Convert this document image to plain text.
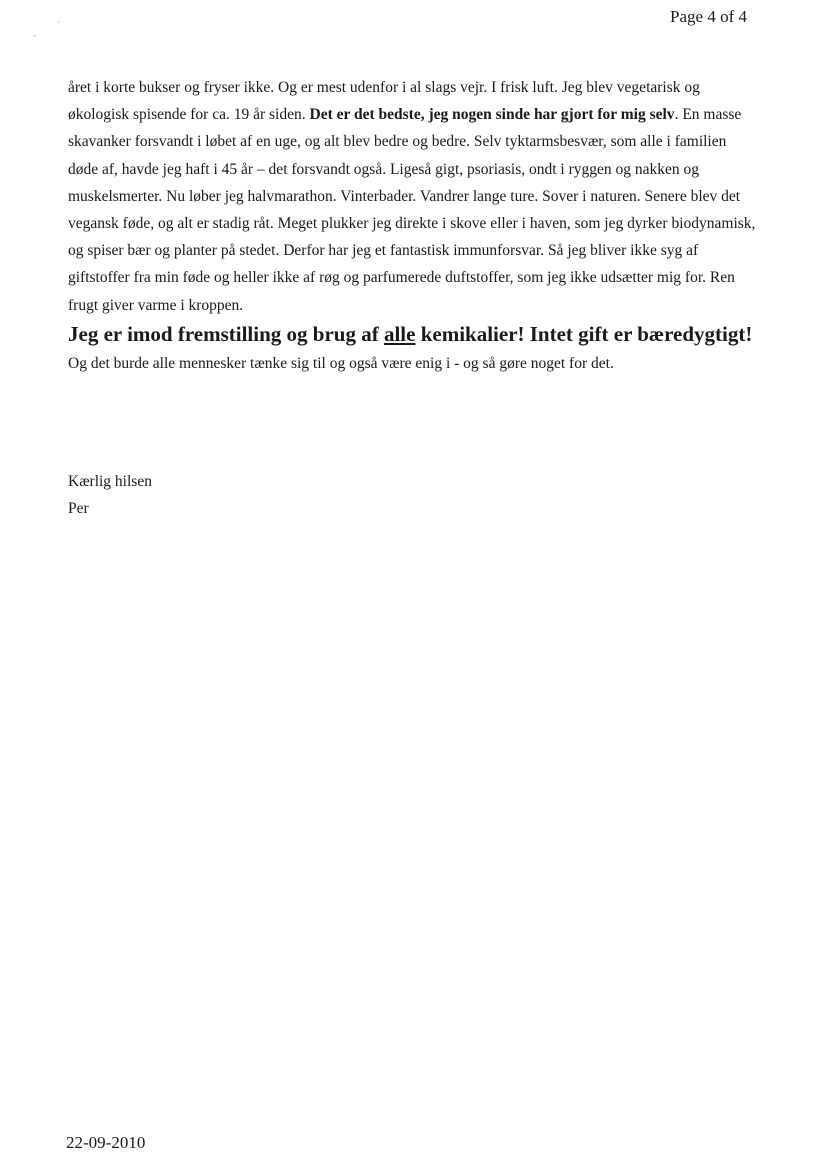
Page 4 of 4
-
·

året i korte bukser og fryser ikke. Og er mest udenfor i al slags vejr. I frisk luft. Jeg blev vegetarisk og økologisk spisende for ca. 19 år siden. Det er det bedste, jeg nogen sinde har gjort for mig selv. En masse skavanker forsvandt i løbet af en uge, og alt blev bedre og bedre. Selv tyktarmsbesvær, som alle i familien døde af, havde jeg haft i 45 år – det forsvandt også. Ligeså gigt, psoriasis, ondt i ryggen og nakken og muskelsmerter. Nu løber jeg halvmarathon. Vinterbader. Vandrer lange ture. Sover i naturen. Senere blev det vegansk føde, og alt er stadig råt. Meget plukker jeg direkte i skove eller i haven, som jeg dyrker biodynamisk, og spiser bær og planter på stedet. Derfor har jeg et fantastisk immunforsvar. Så jeg bliver ikke syg af giftstoffer fra min føde og heller ikke af røg og parfumerede duftstoffer, som jeg ikke udsætter mig for. Ren frugt giver varme i kroppen.

Jeg er imod fremstilling og brug af alle kemikalier! Intet gift er bæredygtigt! Og det burde alle mennesker tænke sig til og også være enig i - og så gøre noget for det.

Kærlig hilsen
Per
22-09-2010
